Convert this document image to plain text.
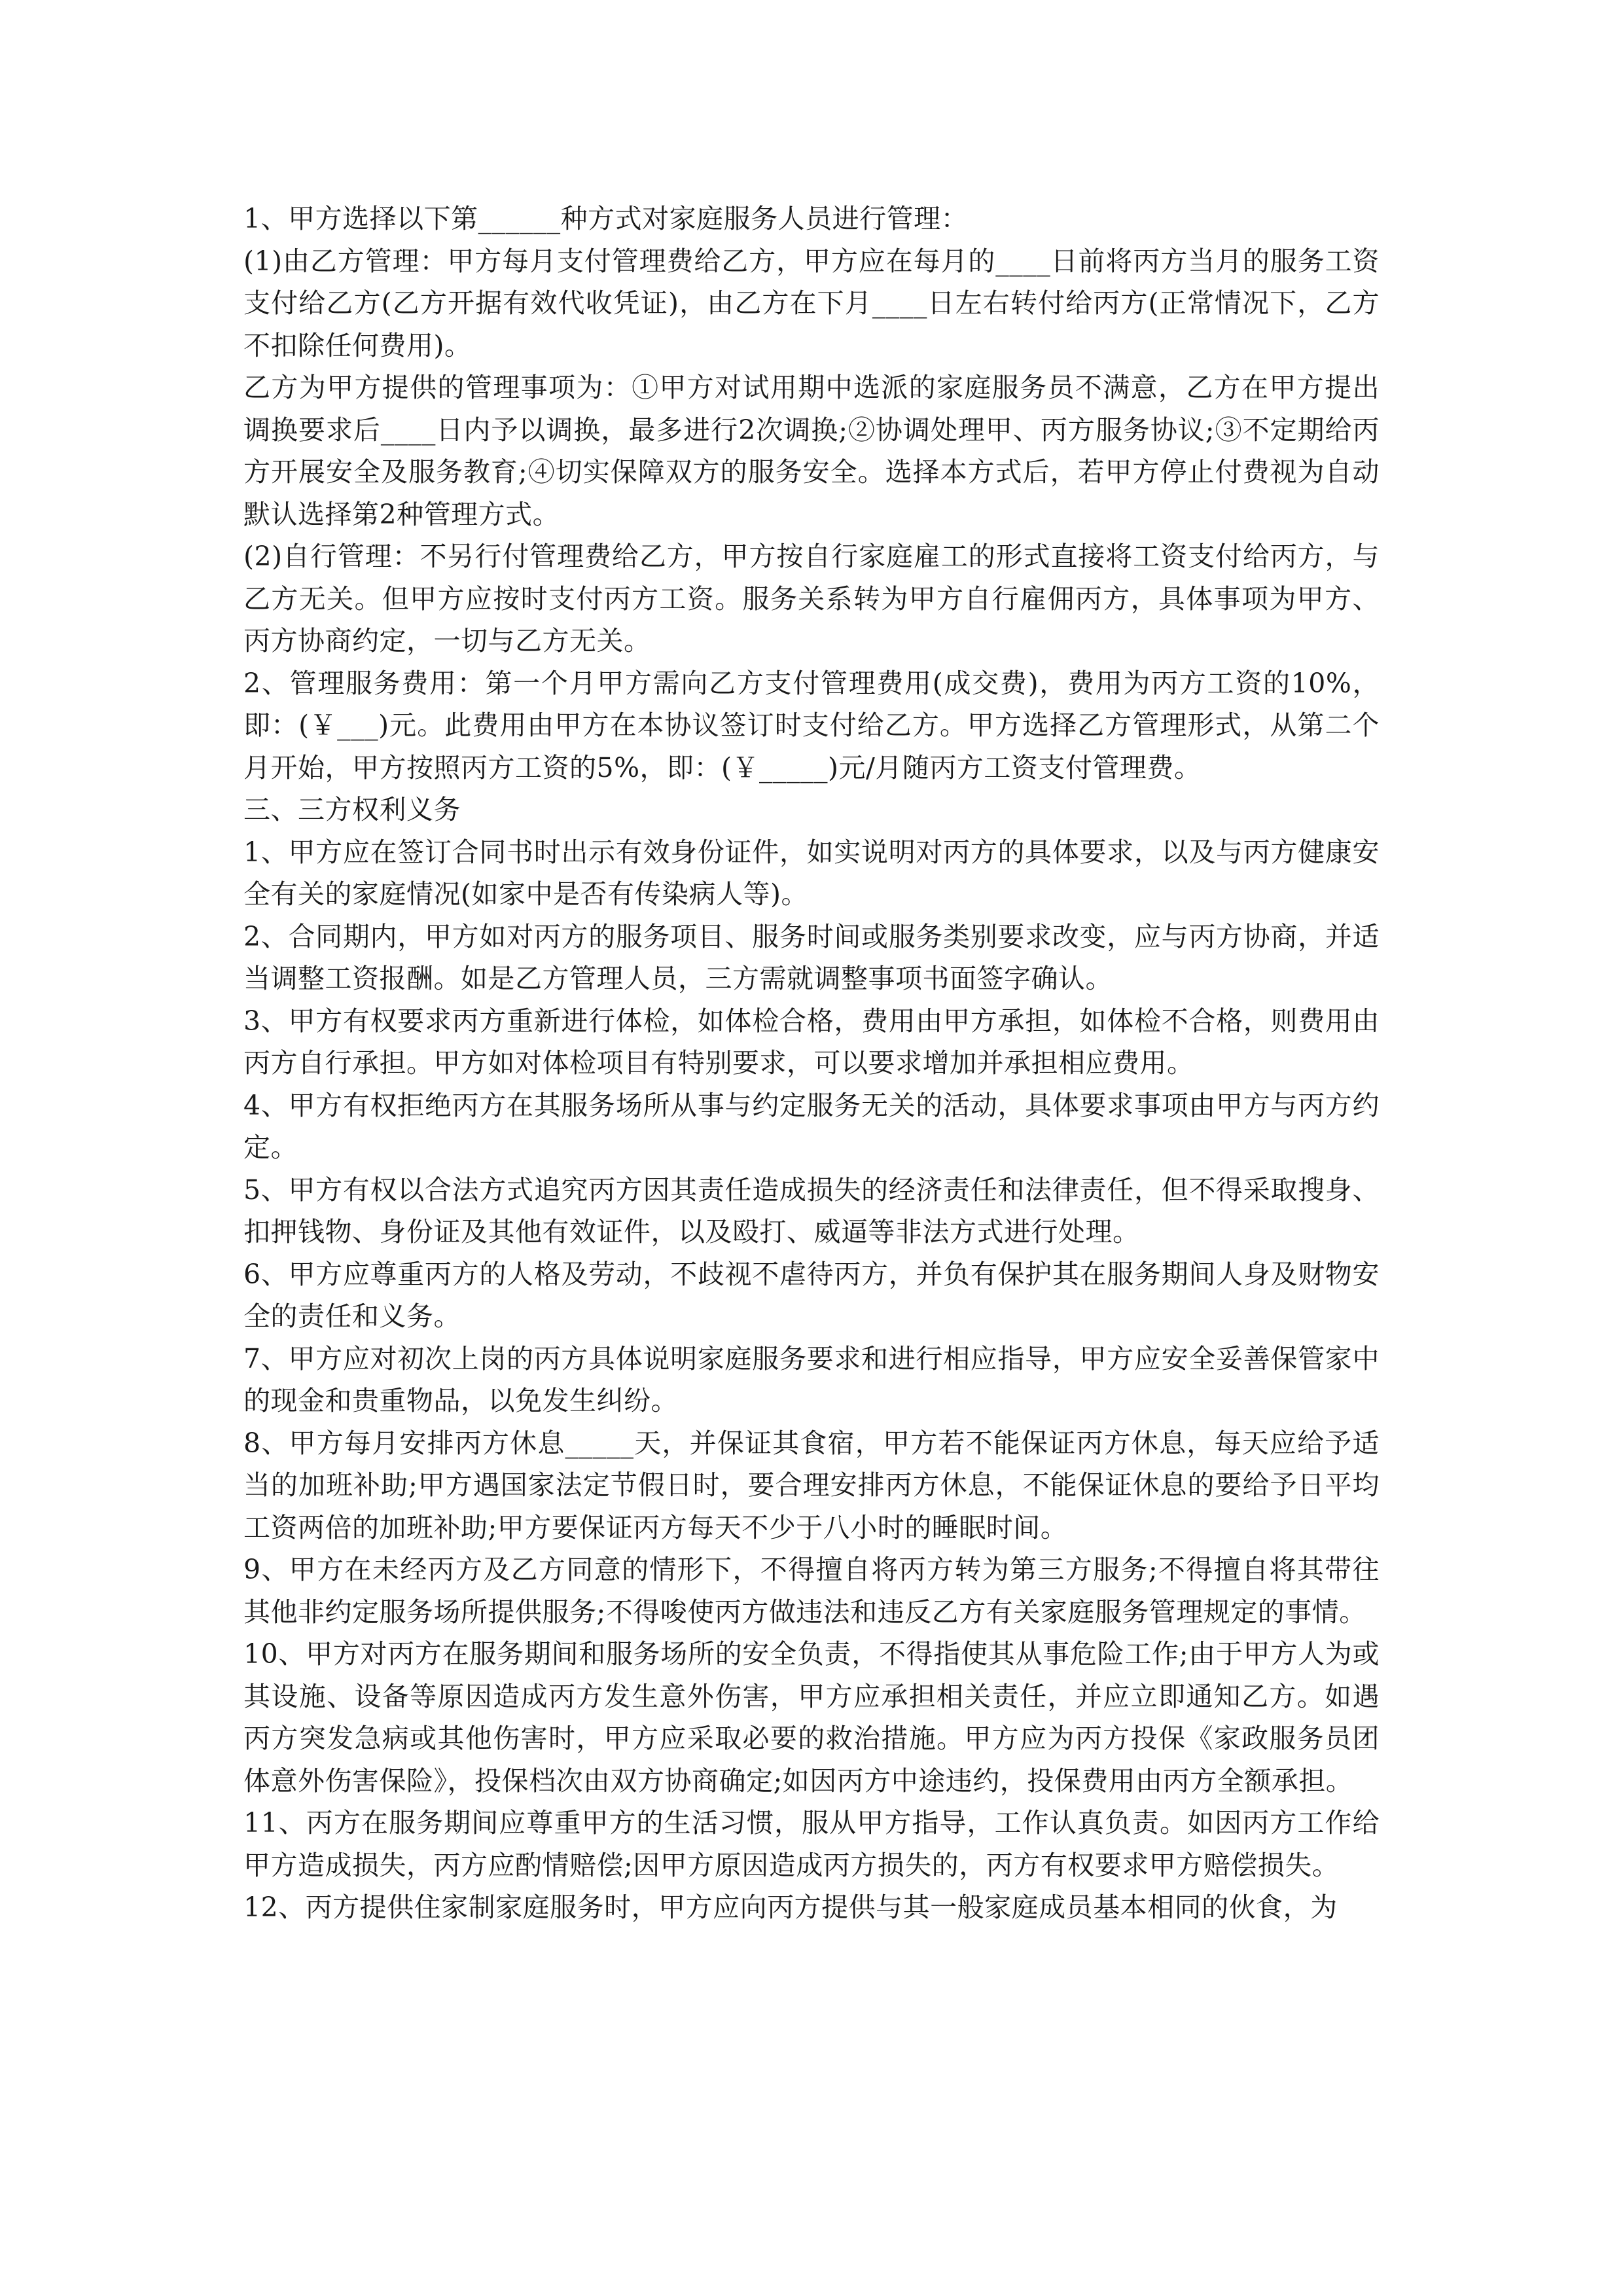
1、甲方选择以下第______种方式对家庭服务人员进行管理：

(1)由乙方管理：甲方每月支付管理费给乙方，甲方应在每月的____日前将丙方当月的服务工资支付给乙方(乙方开据有效代收凭证)，由乙方在下月____日左右转付给丙方(正常情况下，乙方不扣除任何费用)。

乙方为甲方提供的管理事项为：①甲方对试用期中选派的家庭服务员不满意，乙方在甲方提出调换要求后____日内予以调换，最多进行2次调换;②协调处理甲、丙方服务协议;③不定期给丙方开展安全及服务教育;④切实保障双方的服务安全。选择本方式后，若甲方停止付费视为自动默认选择第2种管理方式。

(2)自行管理：不另行付管理费给乙方，甲方按自行家庭雇工的形式直接将工资支付给丙方，与乙方无关。但甲方应按时支付丙方工资。服务关系转为甲方自行雇佣丙方，具体事项为甲方、丙方协商约定，一切与乙方无关。

2、管理服务费用：第一个月甲方需向乙方支付管理费用(成交费)，费用为丙方工资的10%，即：(￥___)元。此费用由甲方在本协议签订时支付给乙方。甲方选择乙方管理形式，从第二个月开始，甲方按照丙方工资的5%，即：(￥_____)元/月随丙方工资支付管理费。

三、三方权利义务

1、甲方应在签订合同书时出示有效身份证件，如实说明对丙方的具体要求，以及与丙方健康安全有关的家庭情况(如家中是否有传染病人等)。

2、合同期内，甲方如对丙方的服务项目、服务时间或服务类别要求改变，应与丙方协商，并适当调整工资报酬。如是乙方管理人员，三方需就调整事项书面签字确认。

3、甲方有权要求丙方重新进行体检，如体检合格，费用由甲方承担，如体检不合格，则费用由丙方自行承担。甲方如对体检项目有特别要求，可以要求增加并承担相应费用。

4、甲方有权拒绝丙方在其服务场所从事与约定服务无关的活动，具体要求事项由甲方与丙方约定。

5、甲方有权以合法方式追究丙方因其责任造成损失的经济责任和法律责任，但不得采取搜身、扣押钱物、身份证及其他有效证件，以及殴打、威逼等非法方式进行处理。

6、甲方应尊重丙方的人格及劳动，不歧视不虐待丙方，并负有保护其在服务期间人身及财物安全的责任和义务。

7、甲方应对初次上岗的丙方具体说明家庭服务要求和进行相应指导，甲方应安全妥善保管家中的现金和贵重物品，以免发生纠纷。

8、甲方每月安排丙方休息_____天，并保证其食宿，甲方若不能保证丙方休息，每天应给予适当的加班补助;甲方遇国家法定节假日时，要合理安排丙方休息，不能保证休息的要给予日平均工资两倍的加班补助;甲方要保证丙方每天不少于八小时的睡眠时间。

9、甲方在未经丙方及乙方同意的情形下，不得擅自将丙方转为第三方服务;不得擅自将其带往其他非约定服务场所提供服务;不得唆使丙方做违法和违反乙方有关家庭服务管理规定的事情。

10、甲方对丙方在服务期间和服务场所的安全负责，不得指使其从事危险工作;由于甲方人为或其设施、设备等原因造成丙方发生意外伤害，甲方应承担相关责任，并应立即通知乙方。如遇丙方突发急病或其他伤害时，甲方应采取必要的救治措施。甲方应为丙方投保《家政服务员团体意外伤害保险》，投保档次由双方协商确定;如因丙方中途违约，投保费用由丙方全额承担。

11、丙方在服务期间应尊重甲方的生活习惯，服从甲方指导，工作认真负责。如因丙方工作给甲方造成损失，丙方应酌情赔偿;因甲方原因造成丙方损失的，丙方有权要求甲方赔偿损失。

12、丙方提供住家制家庭服务时，甲方应向丙方提供与其一般家庭成员基本相同的伙食，为
